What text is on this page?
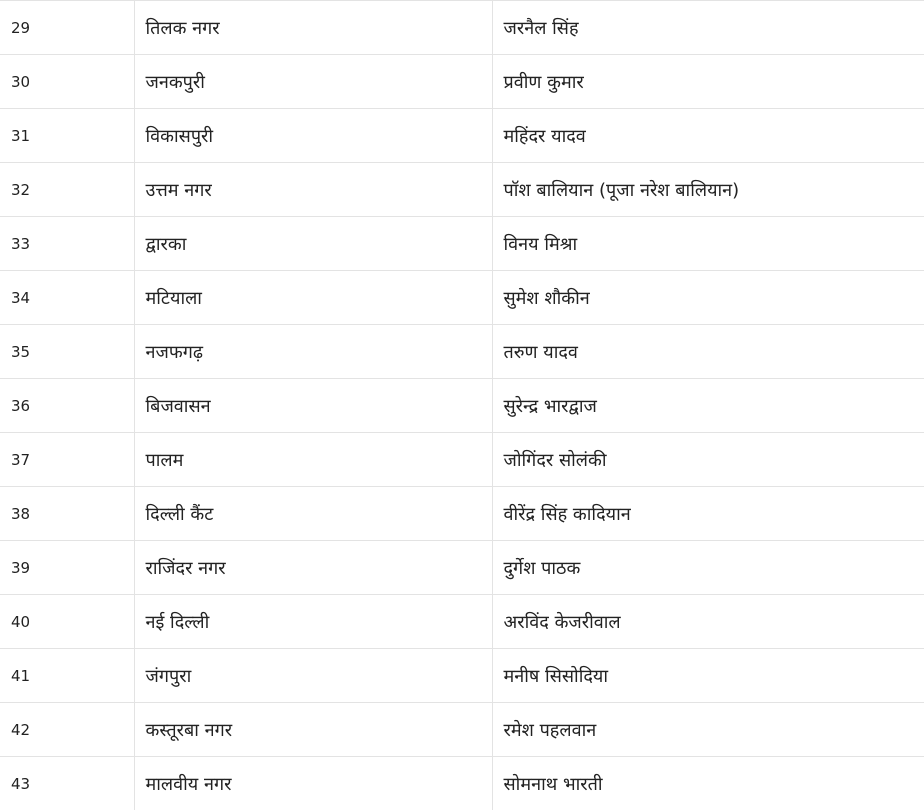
29	तिलक नगर	जरनैल सिंह
30	जनकपुरी	प्रवीण कुमार
31	विकासपुरी	महिंदर यादव
32	उत्तम नगर	पॉश बालियान (पूजा नरेश बालियान)
33	द्वारका	विनय मिश्रा
34	मटियाला	सुमेश शौकीन
35	नजफगढ़	तरुण यादव
36	बिजवासन	सुरेन्द्र भारद्वाज
37	पालम	जोगिंदर सोलंकी
38	दिल्ली कैंट	वीरेंद्र सिंह कादियान
39	राजिंदर नगर	दुर्गेश पाठक
40	नई दिल्ली	अरविंद केजरीवाल
41	जंगपुरा	मनीष सिसोदिया
42	कस्तूरबा नगर	रमेश पहलवान
43	मालवीय नगर	सोमनाथ भारती
